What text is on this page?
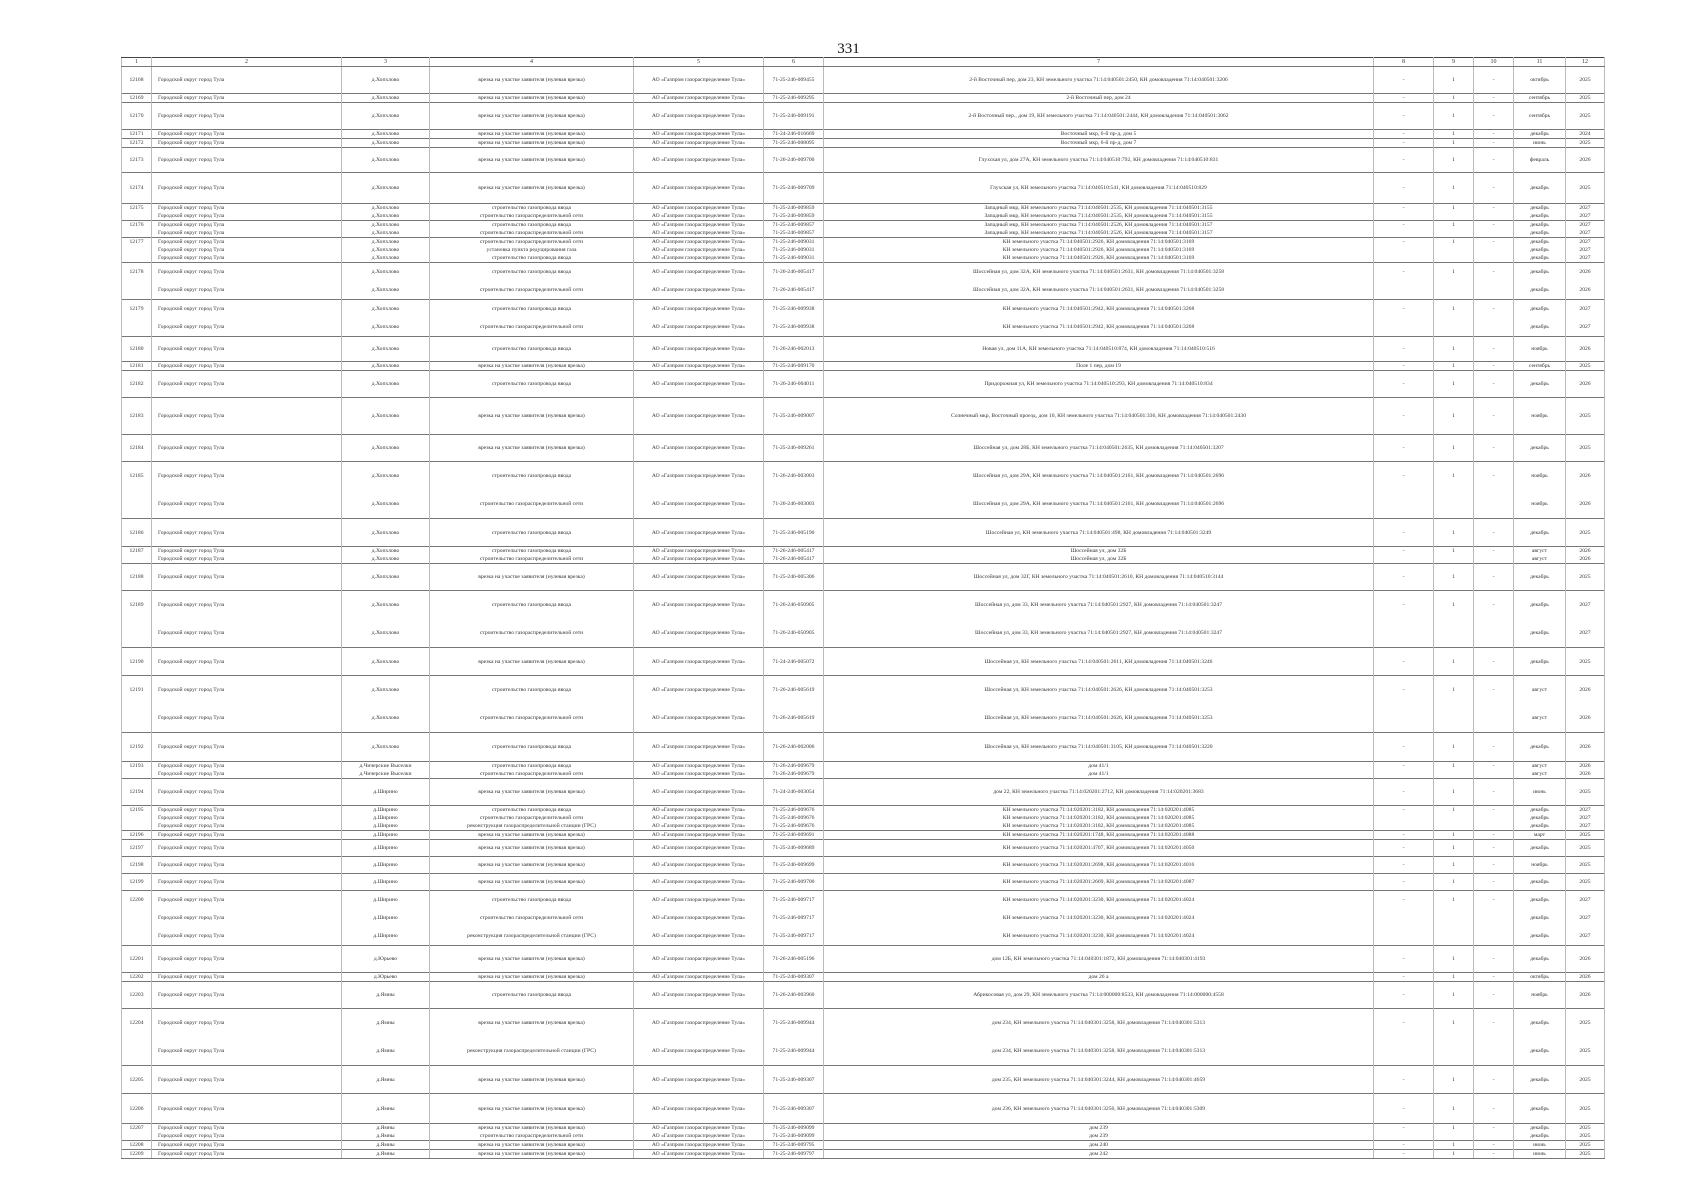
331
1	2	3	4	5	6	7	8	9	10	11	12
12168	Городской округ город Тула	д.Хопхлово	врезка на участке заявителя (нулевая врезка)	АО «Газпром газораспределение Тула»	71-25-246-009455	2-й Восточный пер, дом 23, КН земельного участка 71:14:040501:2450, КН домовладения 71:14:040501:3206	-	1	-	октябрь	2025
12169	Городской округ город Тула	д.Хопхлово	врезка на участке заявителя (нулевая врезка)	АО «Газпром газораспределение Тула»	71-25-246-009295	2-й Восточный пер, дом 24	-	1	-	сентябрь	2025
12170	Городской округ город Тула	д.Хопхлово	врезка на участке заявителя (нулевая врезка)	АО «Газпром газораспределение Тула»	71-25-246-009191	2-й Восточный пер., дом 19, КН земельного участка 71:14:040501:2444, КН домовладения 71:14:040501:3062	-	1	-	сентябрь	2025
12171	Городской округ город Тула	д.Хопхлово	врезка на участке заявителя (нулевая врезка)	АО «Газпром газораспределение Тула»	71-24-246-016669	Восточный мкр, 6-й пр-д, дом 5	-	1	-	декабрь	2024
12172	Городской округ город Тула	д.Хопхлово	врезка на участке заявителя (нулевая врезка)	АО «Газпром газораспределение Тула»	71-25-246-008095	Восточный мкр, 6-й пр-д, дом 7	-	1	-	июнь	2025
12173	Городской округ город Тула	д.Хопхлово	врезка на участке заявителя (нулевая врезка)	АО «Газпром газораспределение Тула»	71-26-246-009700	Глухская ул, дом 27А, КН земельного участка 71:14:040510:792, КН домовладения 71:14:040510:831	-	1	-	февраль	2026
12174	Городской округ город Тула	д.Хопхлово	врезка на участке заявителя (нулевая врезка)	АО «Газпром газораспределение Тула»	71-25-246-009709	Глухская ул, КН земельного участка 71:14:040510:541, КН домовладения 71:14:040510:829	-	1	-	декабрь	2025
12175	Городской округ город Тула	д.Хопхлово	строительство газопровода ввода	АО «Газпром газораспределение Тула»	71-25-246-009859	Западный мкр, КН земельного участка 71:14:040501:2535, КН домовладения 71:14:040501:3155	-	1	-	декабрь	2027
	Городской округ город Тула	д.Хопхлово	строительство газораспределительной сети	АО «Газпром газораспределение Тула»	71-25-246-009859	Западный мкр, КН земельного участка 71:14:040501:2535, КН домовладения 71:14:040501:3155				декабрь	2027
12176	Городской округ город Тула	д.Хопхлово	строительство газопровода ввода	АО «Газпром газораспределение Тула»	71-25-246-009857	Западный мкр, КН земельного участка 71:14:040501:2526, КН домовладения 71:14:040501:3157	-	1	-	декабрь	2027
	Городской округ город Тула	д.Хопхлово	строительство газораспределительной сети	АО «Газпром газораспределение Тула»	71-25-246-009857	Западный мкр, КН земельного участка 71:14:040501:2526, КН домовладения 71:14:040501:3157				декабрь	2027
12177	Городской округ город Тула	д.Хопхлово	строительство газораспределительной сети	АО «Газпром газораспределение Тула»	71-25-246-009031	КН земельного участка 71:14:040501:2926, КН домовладения 71:14:040501:3169	-	1	-	декабрь	2027
	Городской округ город Тула	д.Хопхлово	установка пункта редуцирования газа	АО «Газпром газораспределение Тула»	71-25-246-009031	КН земельного участка 71:14:040501:2926, КН домовладения 71:14:040501:3169				декабрь	2027
	Городской округ город Тула	д.Хопхлово	строительство газопровода ввода	АО «Газпром газораспределение Тула»	71-25-246-009031	КН земельного участка 71:14:040501:2926, КН домовладения 71:14:040501:3169				декабрь	2027
12178	Городской округ город Тула	д.Хопхлово	строительство газопровода ввода	АО «Газпром газораспределение Тула»	71-26-246-005417	Шоссейная ул, дом 32А, КН земельного участка 71:14:040501:2631, КН домовладения 71:14:040501:3258	-	1	-	декабрь	2026
	Городской округ город Тула	д.Хопхлово	строительство газораспределительной сети	АО «Газпром газораспределение Тула»	71-26-246-005417	Шоссейная ул, дом 32А, КН земельного участка 71:14:040501:2631, КН домовладения 71:14:040501:3258				декабрь	2026
12179	Городской округ город Тула	д.Хопхлово	строительство газопровода ввода	АО «Газпром газораспределение Тула»	71-25-246-009938	КН земельного участка 71:14:040501:2942, КН домовладения 71:14:040501:3268	-	1	-	декабрь	2027
	Городской округ город Тула	д.Хопхлово	строительство газораспределительной сети	АО «Газпром газораспределение Тула»	71-25-246-009938	КН земельного участка 71:14:040501:2942, КН домовладения 71:14:040501:3268				декабрь	2027
12180	Городской округ город Тула	д.Хопхлово	строительство газопровода ввода	АО «Газпром газораспределение Тула»	71-26-246-002013	Новая ул, дом 11А, КН земельного участка 71:14:040510:874, КН домовладения 71:14:040510:516	-	1	-	ноябрь	2026
12181	Городской округ город Тула	д.Хопхлово	врезка на участке заявителя (нулевая врезка)	АО «Газпром газораспределение Тула»	71-25-246-009170	Поле 1 пер, дом 19	-	1	-	сентябрь	2025
12182	Городской округ город Тула	д.Хопхлово	строительство газопровода ввода	АО «Газпром газораспределение Тула»	71-26-246-004011	Придорожная ул, КН земельного участка 71:14:040510:293, КН домовладения 71:14:040510:834	-	1	-	декабрь	2026
12183	Городской округ город Тула	д.Хопхлово	врезка на участке заявителя (нулевая врезка)	АО «Газпром газораспределение Тула»	71-25-246-009007	Солнечный мкр, Восточный проезд, дом 10, КН земельного участка 71:14:040501:336, КН домовладения 71:14:040501:2430	-	1	-	ноябрь	2025
12184	Городской округ город Тула	д.Хопхлово	врезка на участке заявителя (нулевая врезка)	АО «Газпром газораспределение Тула»	71-25-246-009261	Шоссейная ул, дом 28Б, КН земельного участка 71:14:040501:2635, КН домовладения 71:14:040501:3207	-	1	-	декабрь	2025
12185	Городской округ город Тула	д.Хопхлово	строительство газопровода ввода	АО «Газпром газораспределение Тула»	71-26-246-003003	Шоссейная ул, дом 29А, КН земельного участка 71:14:040501:2161, КН домовладения 71:14:040501:2696	-	1	-	ноябрь	2026
	Городской округ город Тула	д.Хопхлово	строительство газораспределительной сети	АО «Газпром газораспределение Тула»	71-26-246-003003	Шоссейная ул, дом 29А, КН земельного участка 71:14:040501:2161, КН домовладения 71:14:040501:2696				ноябрь	2026
12186	Городской округ город Тула	д.Хопхлово	строительство газопровода ввода	АО «Газпром газораспределение Тула»	71-25-246-005190	Шоссейная ул, КН земельного участка 71:14:040501:498, КН домовладения 71:14:040501:3249	-	1	-	декабрь	2025
12187	Городской округ город Тула	д.Хопхлово	строительство газопровода ввода	АО «Газпром газораспределение Тула»	71-26-246-005417	Шоссейная ул, дом 32Б	-	1	-	август	2026
	Городской округ город Тула	д.Хопхлово	строительство газораспределительной сети	АО «Газпром газораспределение Тула»	71-26-246-005417	Шоссейная ул, дом 32Б				август	2026
12188	Городской округ город Тула	д.Хопхлово	врезка на участке заявителя (нулевая врезка)	АО «Газпром газораспределение Тула»	71-25-246-005306	Шоссейная ул, дом 32Г, КН земельного участка 71:14:040501:2610, КН домовладения 71:14:040510:3144	-	1	-	декабрь	2025
12189	Городской округ город Тула	д.Хопхлово	строительство газопровода ввода	АО «Газпром газораспределение Тула»	71-26-246-050905	Шоссейная ул, дом 33, КН земельного участка 71:14:040501:2927, КН домовладения 71:14:040501:3247	-	1	-	декабрь	2027
	Городской округ город Тула	д.Хопхлово	строительство газораспределительной сети	АО «Газпром газораспределение Тула»	71-26-246-050905	Шоссейная ул, дом 33, КН земельного участка 71:14:040501:2927, КН домовладения 71:14:040501:3247				декабрь	2027
12190	Городской округ город Тула	д.Хопхлово	врезка на участке заявителя (нулевая врезка)	АО «Газпром газораспределение Тула»	71-24-246-005072	Шоссейная ул, КН земельного участка 71:14:040501:2611, КН домовладения 71:14:040501:3246	-	1	-	декабрь	2025
12191	Городской округ город Тула	д.Хопхлово	строительство газопровода ввода	АО «Газпром газораспределение Тула»	71-26-246-005619	Шоссейная ул, КН земельного участка 71:14:040501:2626, КН домовладения 71:14:040501:3253	-	1	-	август	2026
	Городской округ город Тула	д.Хопхлово	строительство газораспределительной сети	АО «Газпром газораспределение Тула»	71-26-246-005619	Шоссейная ул, КН земельного участка 71:14:040501:2626, КН домовладения 71:14:040501:3253				август	2026
12192	Городской округ город Тула	д.Хопхлово	строительство газопровода ввода	АО «Газпром газораспределение Тула»	71-26-246-002006	Шоссейная ул, КН земельного участка 71:14:040501:3105, КН домовладения 71:14:040501:3220	-	1	-	декабрь	2026
12193	Городской округ город Тула	д.Чичерские Выселки	строительство газопровода ввода	АО «Газпром газораспределение Тула»	71-26-246-009679	дом 41/1	-	1	-	август	2026
	Городской округ город Тула	д.Чичерские Выселки	строительство газораспределительной сети	АО «Газпром газораспределение Тула»	71-26-246-009679	дом 41/1				август	2026
12194	Городской округ город Тула	д.Ширино	врезка на участке заявителя (нулевая врезка)	АО «Газпром газораспределение Тула»	71-24-246-003054	дом 22, КН земельного участка 71:14:020201:2712, КН домовладения 71:14:020201:3683	-	1	-	июнь	2025
12195	Городской округ город Тула	д.Ширино	строительство газопровода ввода	АО «Газпром газораспределение Тула»	71-25-246-009676	КН земельного участка 71:14:020201:3182, КН домовладения 71:14:020201:4085	-	1	-	декабрь	2027
	Городской округ город Тула	д.Ширино	строительство газораспределительной сети	АО «Газпром газораспределение Тула»	71-25-246-009676	КН земельного участка 71:14:020201:3182, КН домовладения 71:14:020201:4085				декабрь	2027
	Городской округ город Тула	д.Ширино	реконструкция газораспределительной станции (ГРС)	АО «Газпром газораспределение Тула»	71-25-246-009676	КН земельного участка 71:14:020201:3182, КН домовладения 71:14:020201:4085				декабрь	2027
12196	Городской округ город Тула	д.Ширино	врезка на участке заявителя (нулевая врезка)	АО «Газпром газораспределение Тула»	71-25-246-009691	КН земельного участка 71:14:020201:1748, КН домовладения 71:14:020201:4088	-	1	-	март	2025
12197	Городской округ город Тула	д.Ширино	врезка на участке заявителя (нулевая врезка)	АО «Газпром газораспределение Тула»	71-25-246-009689	КН земельного участка 71:14:020201:4707, КН домовладения 71:14:020201:4050	-	1	-	декабрь	2025
12198	Городской округ город Тула	д.Ширино	врезка на участке заявителя (нулевая врезка)	АО «Газпром газораспределение Тула»	71-25-246-009699	КН земельного участка 71:14:020201:2698, КН домовладения 71:14:020201:4016	-	1	-	ноябрь	2025
12199	Городской округ город Тула	д.Ширино	врезка на участке заявителя (нулевая врезка)	АО «Газпром газораспределение Тула»	71-25-246-009700	КН земельного участка 71:14:020201:2669, КН домовладения 71:14:020201:4087	-	1	-	декабрь	2025
12200	Городской округ город Тула	д.Ширино	строительство газопровода ввода	АО «Газпром газораспределение Тула»	71-25-246-009717	КН земельного участка 71:14:020201:3230, КН домовладения 71:14:020201:4024	-	1	-	декабрь	2027
	Городской округ город Тула	д.Ширино	строительство газораспределительной сети	АО «Газпром газораспределение Тула»	71-25-246-009717	КН земельного участка 71:14:020201:3230, КН домовладения 71:14:020201:4024				декабрь	2027
	Городской округ город Тула	д.Ширино	реконструкция газораспределительной станции (ГРС)	АО «Газпром газораспределение Тула»	71-25-246-009717	КН земельного участка 71:14:020201:3230, КН домовладения 71:14:020201:4024				декабрь	2027
12201	Городской округ город Тула	д.Юрьево	врезка на участке заявителя (нулевая врезка)	АО «Газпром газораспределение Тула»	71-26-246-005196	дом 12Б, КН земельного участка 71:14:040301:1872, КН домовладения 71:14:040301:4193	-	1	-	декабрь	2026
12202	Городской округ город Тула	д.Юрьево	врезка на участке заявителя (нулевая врезка)	АО «Газпром газораспределение Тула»	71-25-246-009307	дом 26 а	-	1	-	октябрь	2026
12203	Городской округ город Тула	д.Ямны	строительство газопровода ввода	АО «Газпром газораспределение Тула»	71-26-246-003960	Абрикосовая ул, дом 29, КН земельного участка 71:14:000000:8533, КН домовладения 71:14:000000:4558	-	1	-	ноябрь	2026
12204	Городской округ город Тула	д.Ямны	врезка на участке заявителя (нулевая врезка)	АО «Газпром газораспределение Тула»	71-25-246-009944	дом 234, КН земельного участка 71:14:040301:3258, КН домовладения 71:14:040301:5313	-	1	-	декабрь	2025
	Городской округ город Тула	д.Ямны	реконструкция газораспределительной станции (ГРС)	АО «Газпром газораспределение Тула»	71-25-246-009944	дом 234, КН земельного участка 71:14:040301:3258, КН домовладения 71:14:040301:5313				декабрь	2025
12205	Городской округ город Тула	д.Ямны	врезка на участке заявителя (нулевая врезка)	АО «Газпром газораспределение Тула»	71-25-246-009307	дом 235, КН земельного участка 71:14:040301:3244, КН домовладения 71:14:040301:4659	-	1	-	декабрь	2025
12206	Городской округ город Тула	д.Ямны	врезка на участке заявителя (нулевая врезка)	АО «Газпром газораспределение Тула»	71-25-246-009307	дом 236, КН земельного участка 71:14:040301:3256, КН домовладения 71:14:040301:5309	-	1	-	декабрь	2025
12207	Городской округ город Тула	д.Ямны	врезка на участке заявителя (нулевая врезка)	АО «Газпром газораспределение Тула»	71-25-246-009099	дом 239	-	1	-	декабрь	2025
	Городской округ город Тула	д.Ямны	строительство газораспределительной сети	АО «Газпром газораспределение Тула»	71-25-246-009099	дом 239				декабрь	2025
12208	Городской округ город Тула	д.Ямны	врезка на участке заявителя (нулевая врезка)	АО «Газпром газораспределение Тула»	71-25-246-009795	дом 240	-	1	-	июнь	2025
12209	Городской округ город Тула	д.Ямны	врезка на участке заявителя (нулевая врезка)	АО «Газпром газораспределение Тула»	71-25-246-009797	дом 242	-	1	-	июнь	2025
